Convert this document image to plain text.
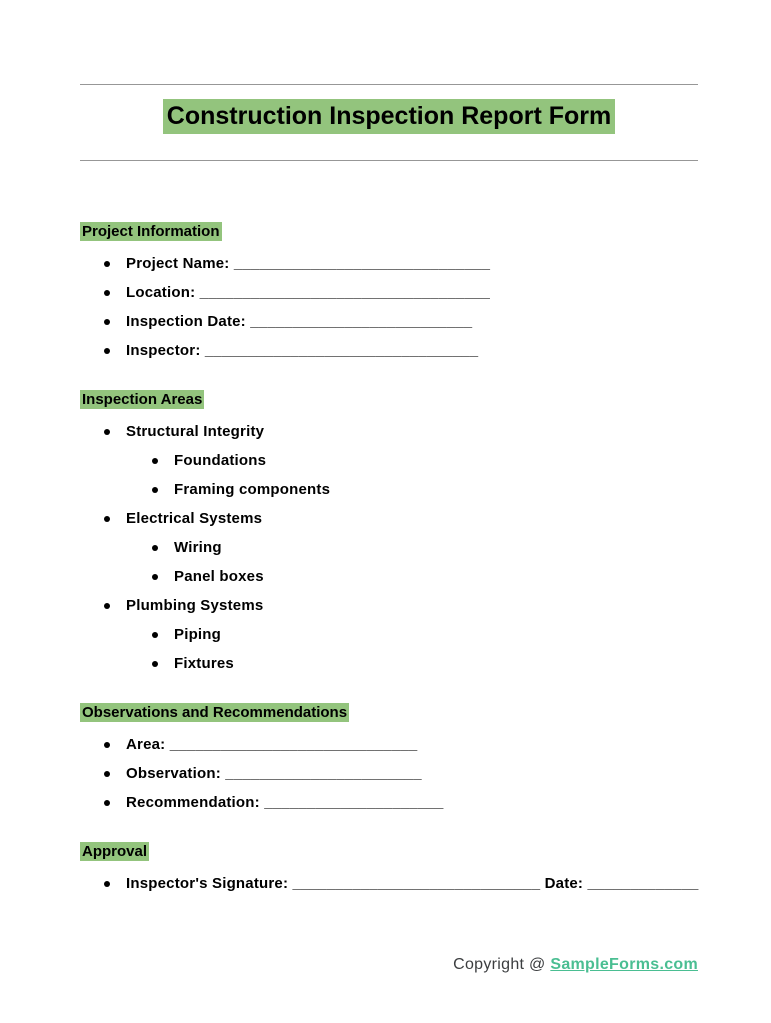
Construction Inspection Report Form
Project Information
Project Name: ______________________________
Location: __________________________________
Inspection Date: __________________________
Inspector: ________________________________
Inspection Areas
Structural Integrity
Foundations
Framing components
Electrical Systems
Wiring
Panel boxes
Plumbing Systems
Piping
Fixtures
Observations and Recommendations
Area: _____________________________
Observation: _______________________
Recommendation: _____________________
Approval
Inspector's Signature: _____________________________ Date: _____________
Copyright @ SampleForms.com
